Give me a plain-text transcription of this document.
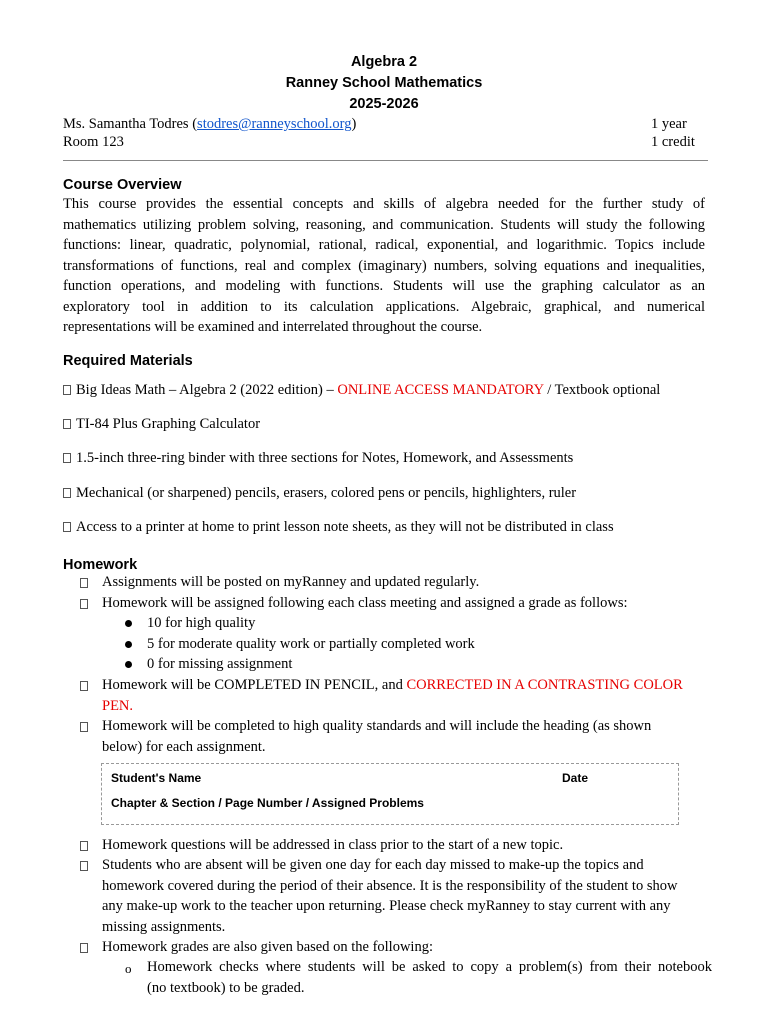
Algebra 2
Ranney School Mathematics
2025-2026
Ms. Samantha Todres (stodres@ranneyschool.org)	1 year
Room 123	1 credit
Course Overview
This course provides the essential concepts and skills of algebra needed for the further study of
mathematics utilizing problem solving, reasoning, and communication. Students will study the following
functions: linear, quadratic, polynomial, rational, radical, exponential, and logarithmic. Topics include
transformations of functions, real and complex (imaginary) numbers, solving equations and inequalities,
function operations, and modeling with functions. Students will use the graphing calculator as an
exploratory tool in addition to its calculation applications. Algebraic, graphical, and numerical
representations will be examined and interrelated throughout the course.
Required Materials
Big Ideas Math – Algebra 2 (2022 edition) – ONLINE ACCESS MANDATORY / Textbook optional
TI-84 Plus Graphing Calculator
1.5-inch three-ring binder with three sections for Notes, Homework, and Assessments
Mechanical (or sharpened) pencils, erasers, colored pens or pencils, highlighters, ruler
Access to a printer at home to print lesson note sheets, as they will not be distributed in class
Homework
Assignments will be posted on myRanney and updated regularly.
Homework will be assigned following each class meeting and assigned a grade as follows:
10 for high quality
5 for moderate quality work or partially completed work
0 for missing assignment
Homework will be COMPLETED IN PENCIL, and CORRECTED IN A CONTRASTING COLOR
PEN.
Homework will be completed to high quality standards and will include the heading (as shown
below) for each assignment.
Student's Name	Date
Chapter & Section / Page Number / Assigned Problems
Homework questions will be addressed in class prior to the start of a new topic.
Students who are absent will be given one day for each day missed to make-up the topics and
homework covered during the period of their absence. It is the responsibility of the student to show
any make-up work to the teacher upon returning. Please check myRanney to stay current with any
missing assignments.
Homework grades are also given based on the following:
o Homework checks where students will be asked to copy a problem(s) from their notebook
(no textbook) to be graded.
